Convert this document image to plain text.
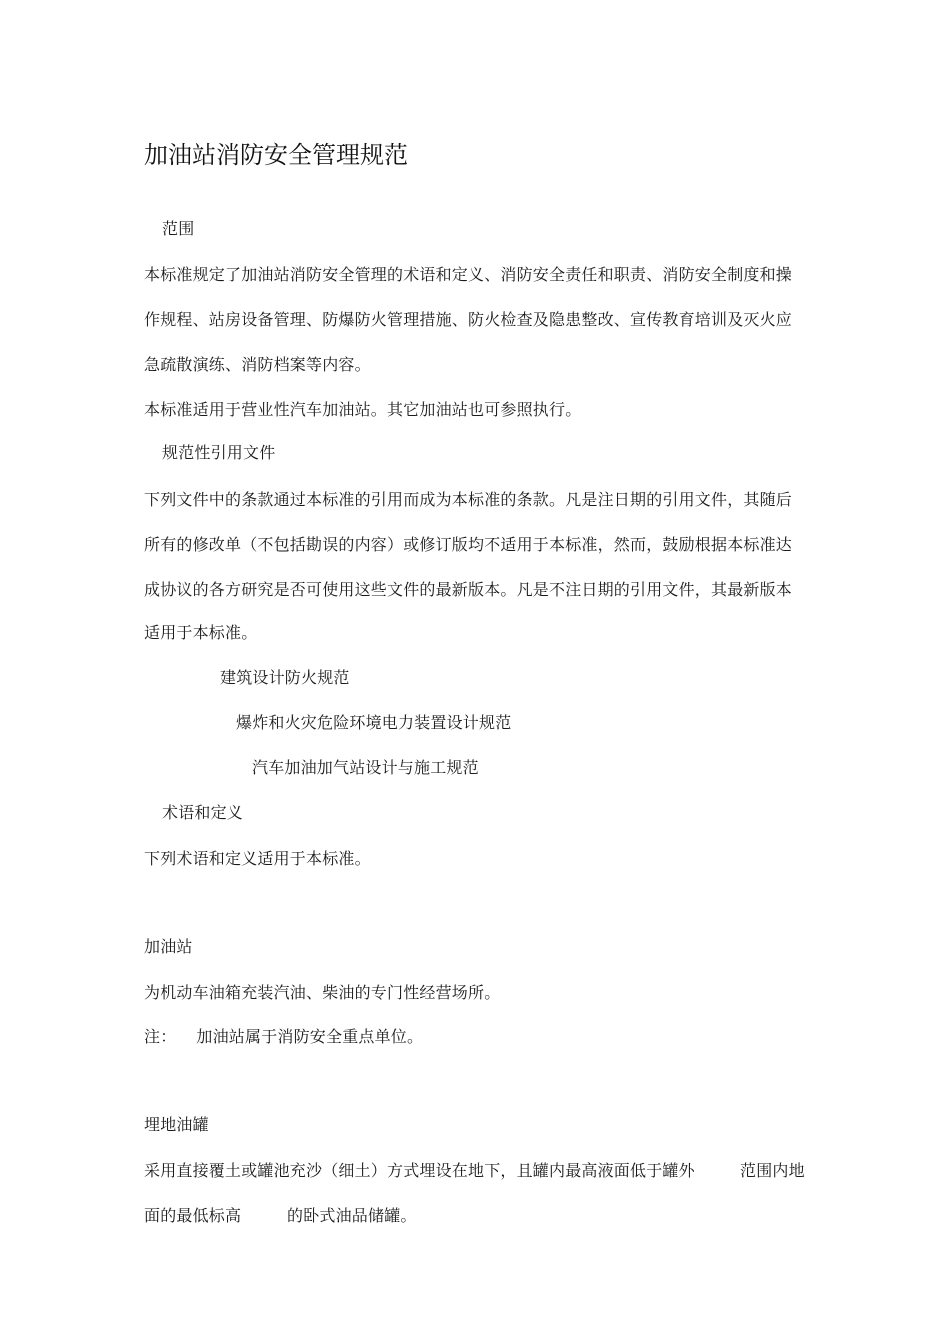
加油站消防安全管理规范
范围
本标准规定了加油站消防安全管理的术语和定义、消防安全责任和职责、消防安全制度和操
作规程、站房设备管理、防爆防火管理措施、防火检查及隐患整改、宣传教育培训及灭火应
急疏散演练、消防档案等内容。
本标准适用于营业性汽车加油站。其它加油站也可参照执行。
规范性引用文件
下列文件中的条款通过本标准的引用而成为本标准的条款。凡是注日期的引用文件，其随后
所有的修改单（不包括勘误的内容）或修订版均不适用于本标准，然而，鼓励根据本标准达
成协议的各方研究是否可使用这些文件的最新版本。凡是不注日期的引用文件，其最新版本
适用于本标准。
建筑设计防火规范
爆炸和火灾危险环境电力装置设计规范
汽车加油加气站设计与施工规范
术语和定义
下列术语和定义适用于本标准。
加油站
为机动车油箱充装汽油、柴油的专门性经营场所。
注： 加油站属于消防安全重点单位。
埋地油罐
采用直接覆土或罐池充沙（细土）方式埋设在地下，且罐内最高液面低于罐外	范围内地
面的最低标高	的卧式油品储罐。
